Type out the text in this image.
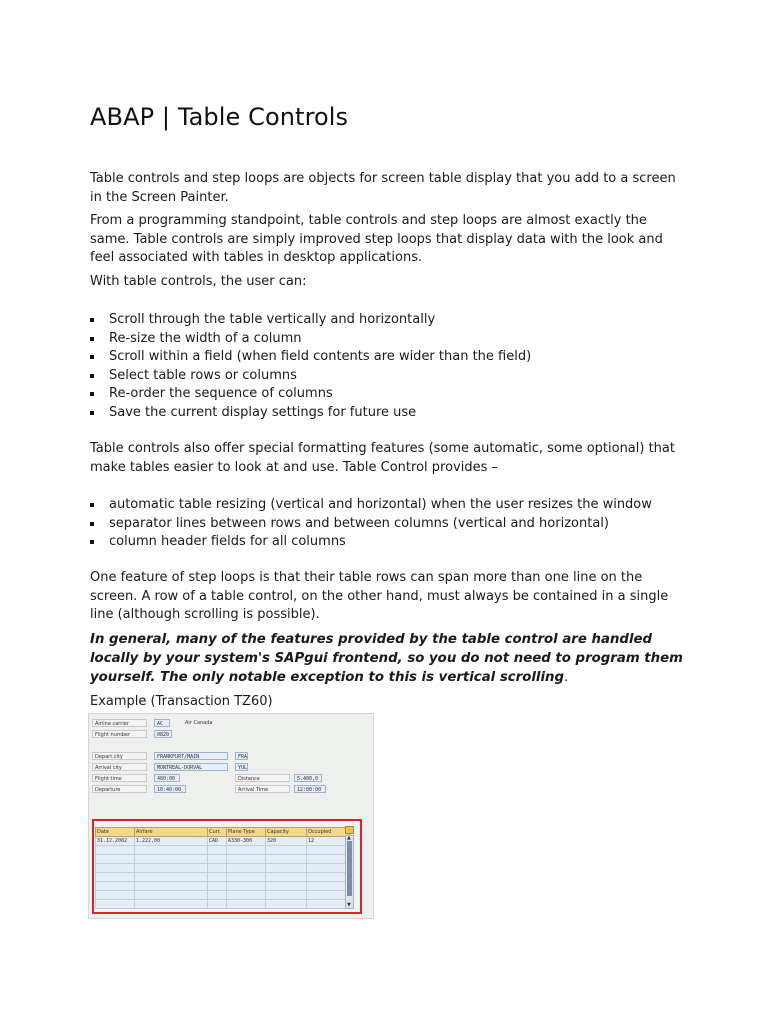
ABAP | Table Controls

Table controls and step loops are objects for screen table display that you add to a screen in the Screen Painter.

From a programming standpoint, table controls and step loops are almost exactly the same. Table controls are simply improved step loops that display data with the look and feel associated with tables in desktop applications.

With table controls, the user can:

Scroll through the table vertically and horizontally
Re-size the width of a column
Scroll within a field (when field contents are wider than the field)
Select table rows or columns
Re-order the sequence of columns
Save the current display settings for future use

Table controls also offer special formatting features (some automatic, some optional) that make tables easier to look at and use. Table Control provides –

automatic table resizing (vertical and horizontal) when the user resizes the window
separator lines between rows and between columns (vertical and horizontal)
column header fields for all columns

One feature of step loops is that their table rows can span more than one line on the screen. A row of a table control, on the other hand, must always be contained in a single line (although scrolling is possible).

In general, many of the features provided by the table control are handled locally by your system's SAPgui frontend, so you do not need to program them yourself. The only notable exception to this is vertical scrolling.

Example (Transaction TZ60)

Airline carrier	AC	Air Canada
Flight number	0820
Depart.city	FRANKFURT/MAIN	FRA
Arrival city	MONTREAL-DORVAL	YUL
Flight time	480:00	Distance	5.400,0
Departure	10:40:00	Arrival Time	12:00:00
Date	Airfare	Curr.	Plane Type	Capacity	Occupied
31.12.2002	1.222,00	CAD	A330-300	320	12

						▲
▼
